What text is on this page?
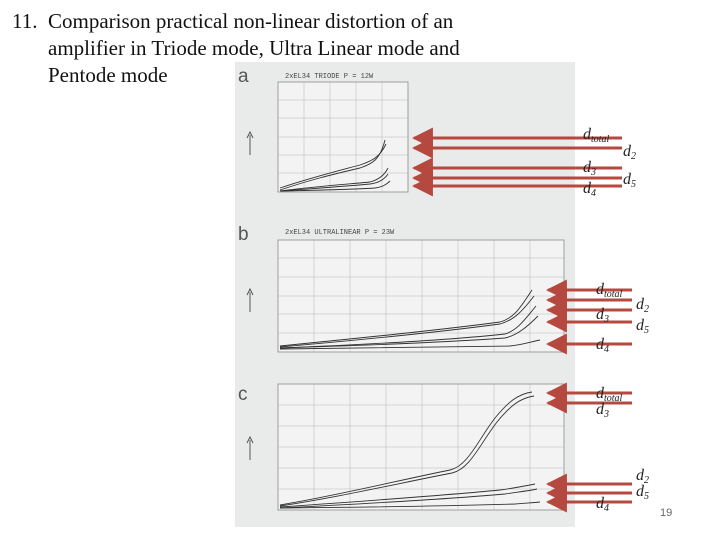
11. Comparison practical non-linear distortion of an
amplifier in Triode mode, Ultra Linear mode and
Pentode mode	a	2xEL34 TRIODE P = 12W
b	2xEL34 ULTRALINEAR P = 23W
c
$d_{total}$
$d_2$
$d_3$ $d_5$
$d_4$
$d_{total}$
$d_2$
$d_3$ $d_5$
$d_4$
$d_{total}$
$d_3$
$d_2$
$d_5$
$d_4$	19
